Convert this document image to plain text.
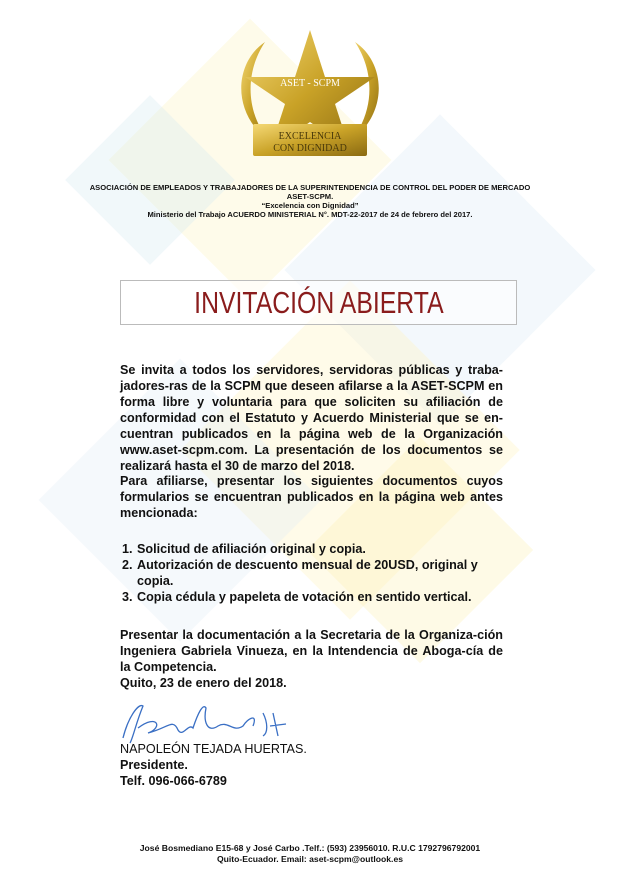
ASET - SCPM
EXCELENCIA
CON DIGNIDAD
ASOCIACIÓN DE EMPLEADOS Y TRABAJADORES DE LA SUPERINTENDENCIA DE CONTROL DEL PODER DE MERCADO
ASET-SCPM.
“Excelencia con Dignidad”
Ministerio del Trabajo ACUERDO MINISTERIAL N°. MDT-22-2017 de 24 de febrero del 2017.
INVITACIÓN ABIERTA

Se invita a todos los servidores, servidoras públicas y traba-jadores-ras de la SCPM que deseen afilarse a la ASET-SCPM en forma libre y voluntaria para que soliciten su afiliación de conformidad con el Estatuto y Acuerdo Ministerial que se en-cuentran publicados en la página web de la Organización www.aset-scpm.com. La presentación de los documentos se realizará hasta el 30 de marzo del 2018.

Para afiliarse, presentar los siguientes documentos cuyos formularios se encuentran publicados en la página web antes mencionada:

1. Solicitud de afiliación original y copia.
2. Autorización de descuento mensual de 20USD, original y copia.
3. Copia cédula y papeleta de votación en sentido vertical.

Presentar la documentación a la Secretaria de la Organiza-ción Ingeniera Gabriela Vinueza, en la Intendencia de Aboga-cía de la Competencia.

Quito, 23 de enero del 2018.

NAPOLEÓN TEJADA HUERTAS.
Presidente.
Telf. 096-066-6789
José Bosmediano E15-68 y José Carbo .Telf.: (593) 23956010. R.U.C 1792796792001
Quito-Ecuador. Email: aset-scpm@outlook.es
